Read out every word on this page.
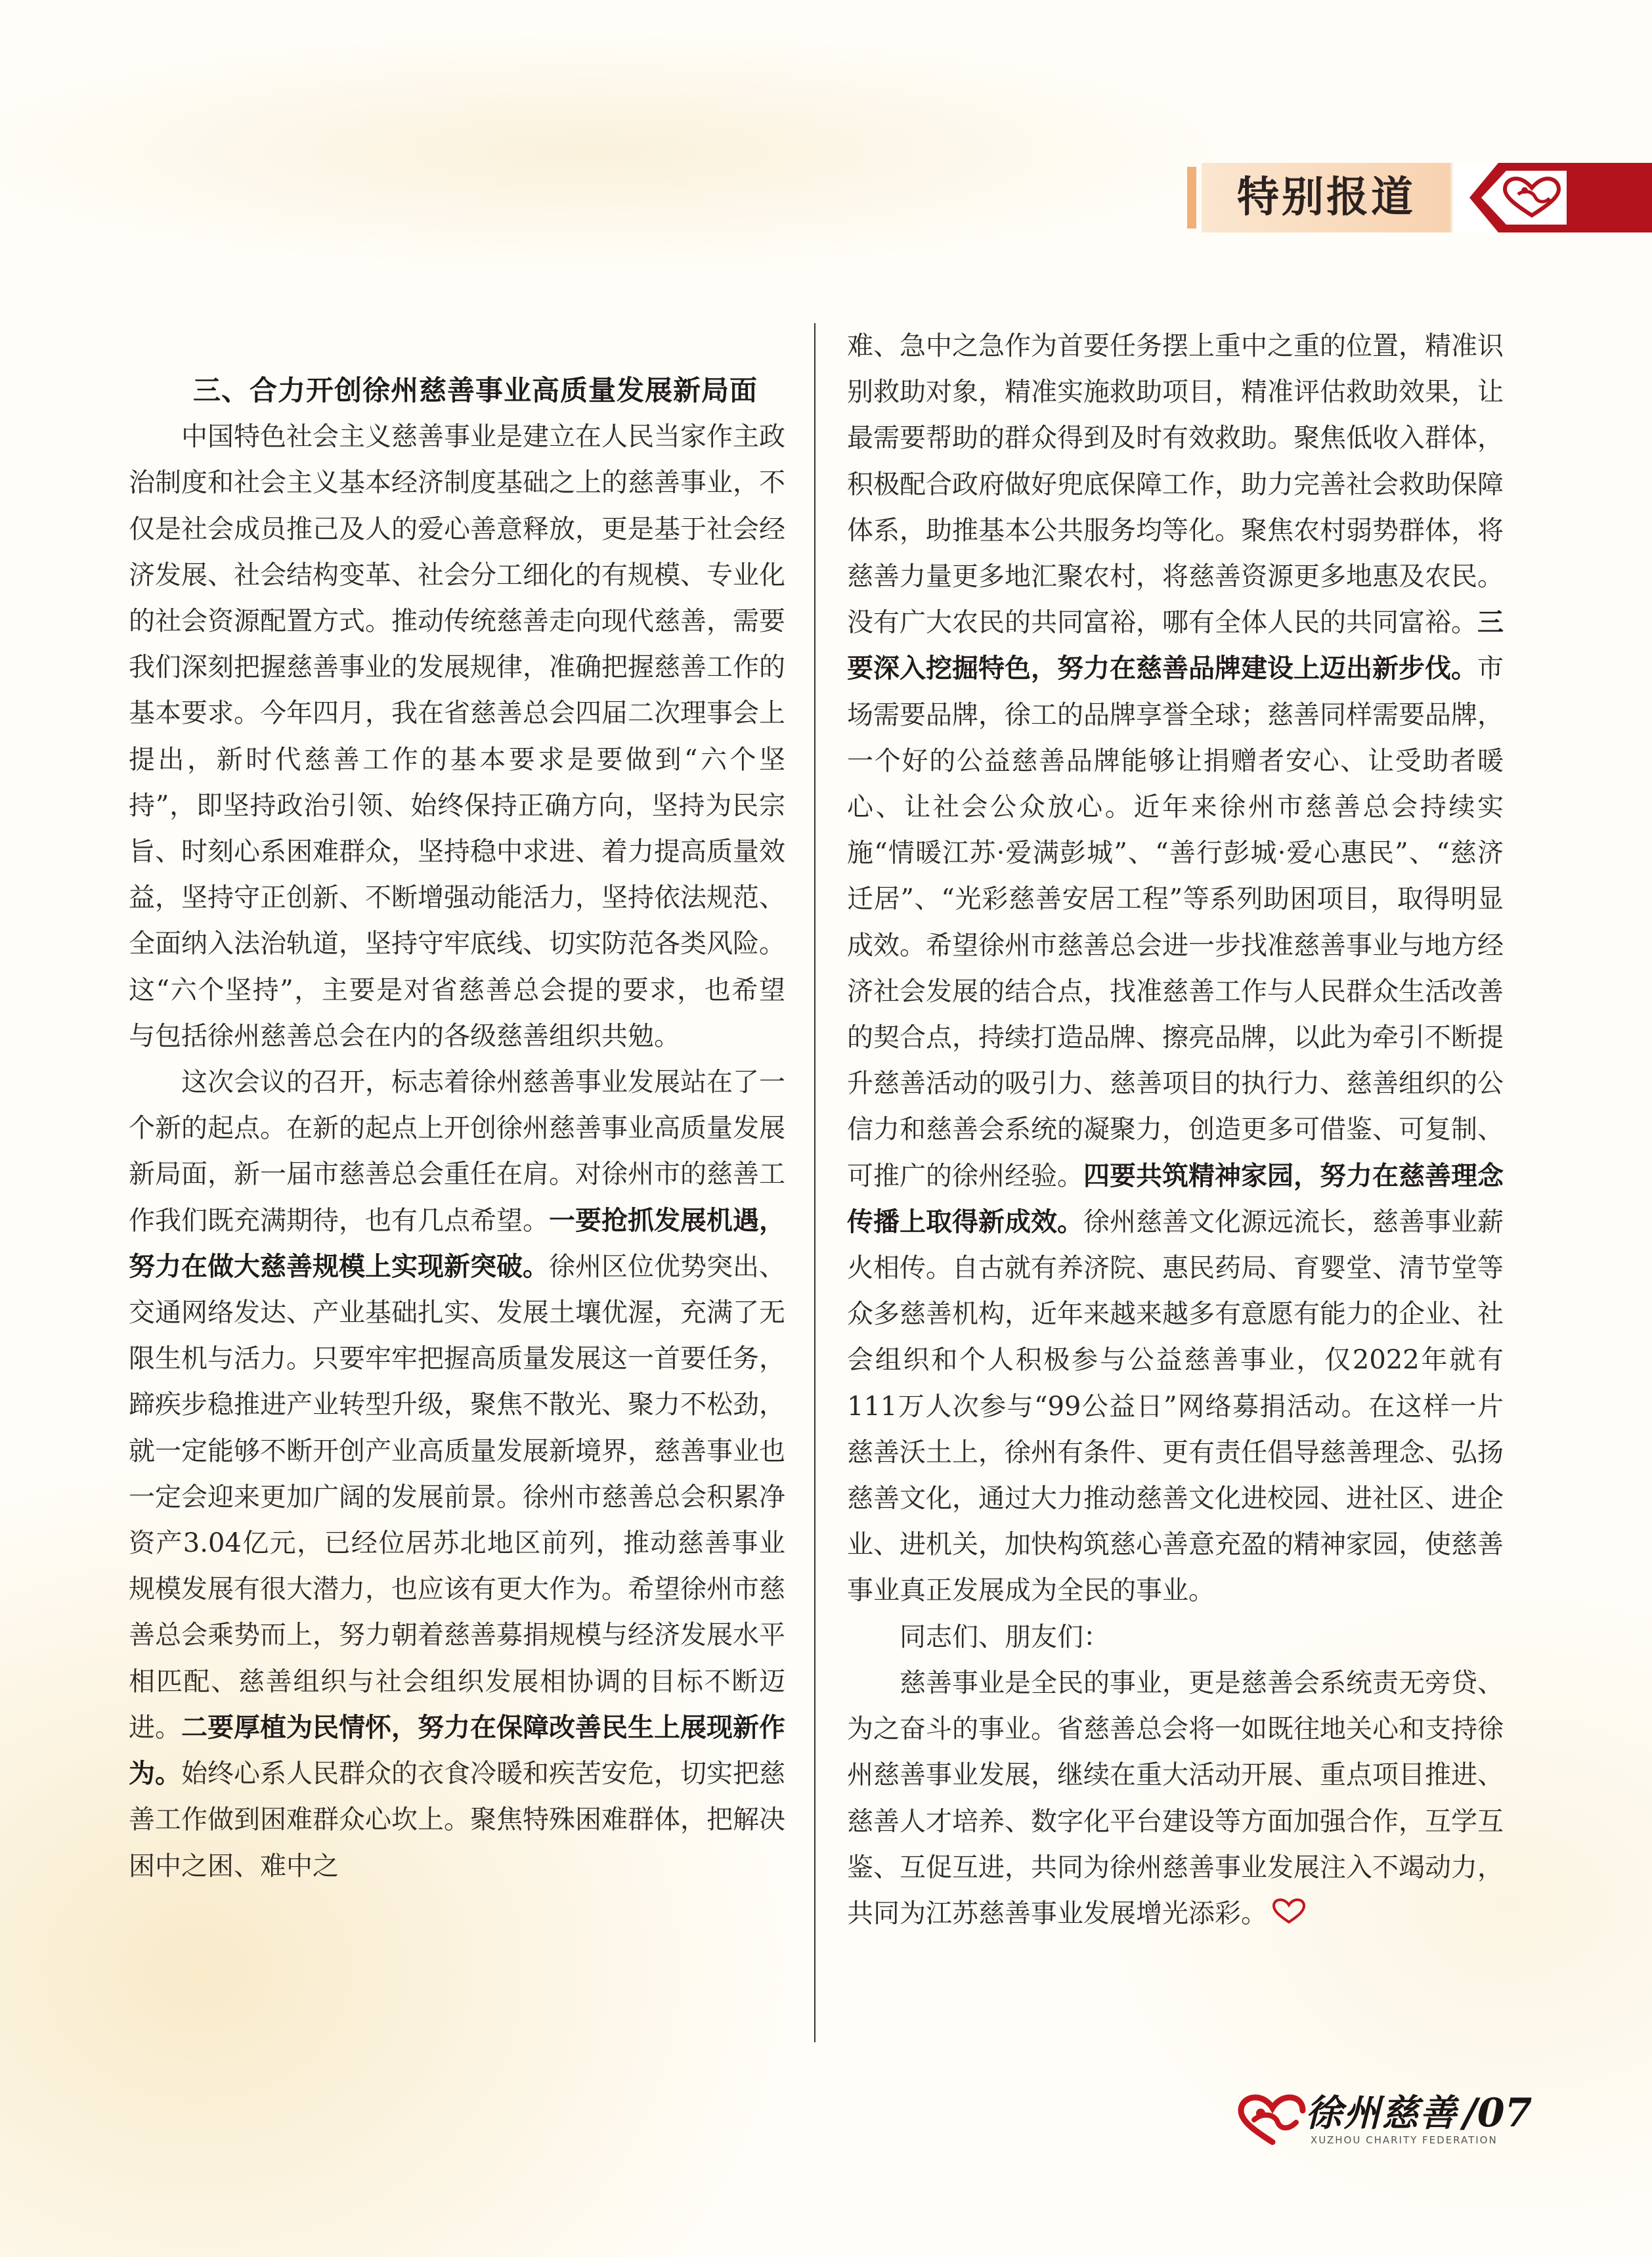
特别报道

三、合力开创徐州慈善事业高质量发展新局面

中国特色社会主义慈善事业是建立在人民当家作主政治制度和社会主义基本经济制度基础之上的慈善事业，不仅是社会成员推己及人的爱心善意释放，更是基于社会经济发展、社会结构变革、社会分工细化的有规模、专业化的社会资源配置方式。推动传统慈善走向现代慈善，需要我们深刻把握慈善事业的发展规律，准确把握慈善工作的基本要求。今年四月，我在省慈善总会四届二次理事会上提出，新时代慈善工作的基本要求是要做到“六个坚持”，即坚持政治引领、始终保持正确方向，坚持为民宗旨、时刻心系困难群众，坚持稳中求进、着力提高质量效益，坚持守正创新、不断增强动能活力，坚持依法规范、全面纳入法治轨道，坚持守牢底线、切实防范各类风险。这“六个坚持”，主要是对省慈善总会提的要求，也希望与包括徐州慈善总会在内的各级慈善组织共勉。

这次会议的召开，标志着徐州慈善事业发展站在了一个新的起点。在新的起点上开创徐州慈善事业高质量发展新局面，新一届市慈善总会重任在肩。对徐州市的慈善工作我们既充满期待，也有几点希望。一要抢抓发展机遇，努力在做大慈善规模上实现新突破。徐州区位优势突出、交通网络发达、产业基础扎实、发展土壤优渥，充满了无限生机与活力。只要牢牢把握高质量发展这一首要任务，蹄疾步稳推进产业转型升级，聚焦不散光、聚力不松劲，就一定能够不断开创产业高质量发展新境界，慈善事业也一定会迎来更加广阔的发展前景。徐州市慈善总会积累净资产3.04亿元，已经位居苏北地区前列，推动慈善事业规模发展有很大潜力，也应该有更大作为。希望徐州市慈善总会乘势而上，努力朝着慈善募捐规模与经济发展水平相匹配、慈善组织与社会组织发展相协调的目标不断迈进。二要厚植为民情怀，努力在保障改善民生上展现新作为。始终心系人民群众的衣食冷暖和疾苦安危，切实把慈善工作做到困难群众心坎上。聚焦特殊困难群体，把解决困中之困、难中之

难、急中之急作为首要任务摆上重中之重的位置，精准识别救助对象，精准实施救助项目，精准评估救助效果，让最需要帮助的群众得到及时有效救助。聚焦低收入群体，积极配合政府做好兜底保障工作，助力完善社会救助保障体系，助推基本公共服务均等化。聚焦农村弱势群体，将慈善力量更多地汇聚农村，将慈善资源更多地惠及农民。没有广大农民的共同富裕，哪有全体人民的共同富裕。三要深入挖掘特色，努力在慈善品牌建设上迈出新步伐。市场需要品牌，徐工的品牌享誉全球；慈善同样需要品牌，一个好的公益慈善品牌能够让捐赠者安心、让受助者暖心、让社会公众放心。近年来徐州市慈善总会持续实施“情暖江苏·爱满彭城”、“善行彭城·爱心惠民”、“慈济迁居”、“光彩慈善安居工程”等系列助困项目，取得明显成效。希望徐州市慈善总会进一步找准慈善事业与地方经济社会发展的结合点，找准慈善工作与人民群众生活改善的契合点，持续打造品牌、擦亮品牌，以此为牵引不断提升慈善活动的吸引力、慈善项目的执行力、慈善组织的公信力和慈善会系统的凝聚力，创造更多可借鉴、可复制、可推广的徐州经验。四要共筑精神家园，努力在慈善理念传播上取得新成效。徐州慈善文化源远流长，慈善事业薪火相传。自古就有养济院、惠民药局、育婴堂、清节堂等众多慈善机构，近年来越来越多有意愿有能力的企业、社会组织和个人积极参与公益慈善事业，仅2022年就有111万人次参与“99公益日”网络募捐活动。在这样一片慈善沃土上，徐州有条件、更有责任倡导慈善理念、弘扬慈善文化，通过大力推动慈善文化进校园、进社区、进企业、进机关，加快构筑慈心善意充盈的精神家园，使慈善事业真正发展成为全民的事业。

同志们、朋友们：

慈善事业是全民的事业，更是慈善会系统责无旁贷、为之奋斗的事业。省慈善总会将一如既往地关心和支持徐州慈善事业发展，继续在重大活动开展、重点项目推进、慈善人才培养、数字化平台建设等方面加强合作，互学互鉴、互促互进，共同为徐州慈善事业发展注入不竭动力，共同为江苏慈善事业发展增光添彩。

徐州慈善
XUZHOU CHARITY FEDERATION
/07
